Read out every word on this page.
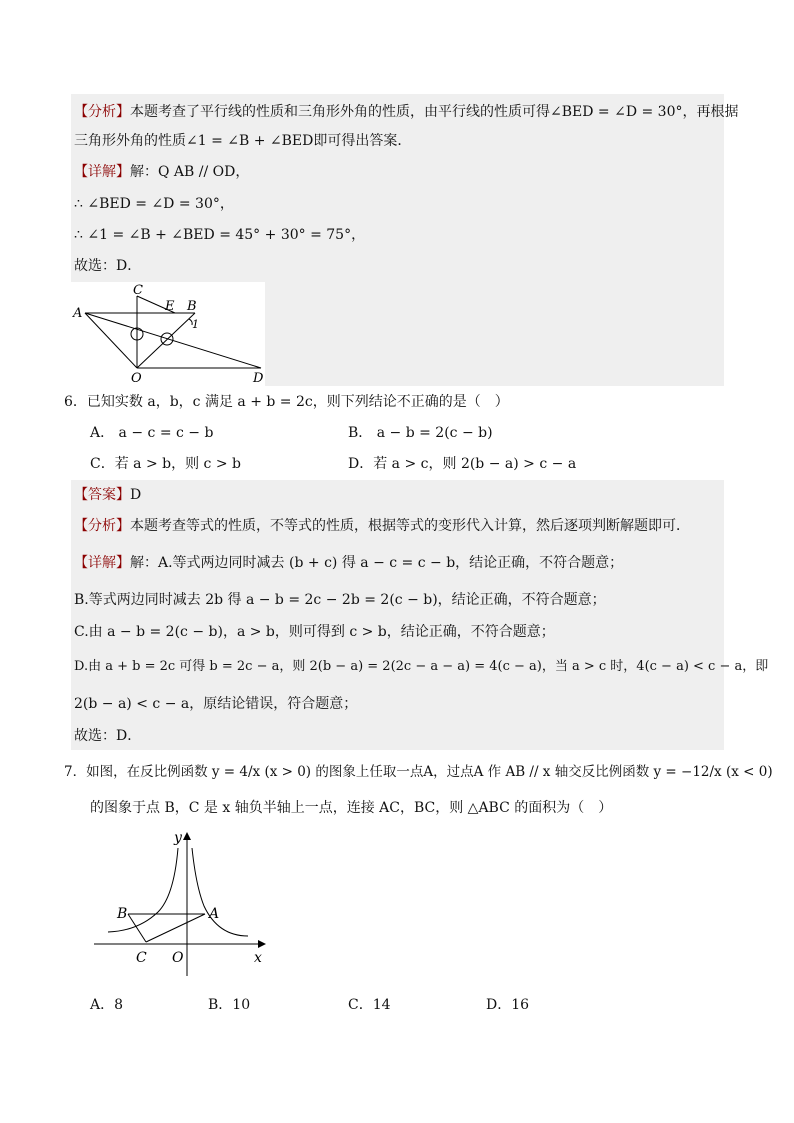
【分析】本题考查了平行线的性质和三角形外角的性质，由平行线的性质可得∠BED = ∠D = 30°，再根据
三角形外角的性质∠1 = ∠B + ∠BED即可得出答案．
【详解】解：Q AB // OD，
∴ ∠BED = ∠D = 30°，
∴ ∠1 = ∠B + ∠BED = 45° + 30° = 75°，
故选：D．
A
C
E B
1
O	D
6．已知实数 a，b，c 满足 a + b = 2c，则下列结论不正确的是（　）
A． a − c = c − b	B． a − b = 2(c − b)
C．若 a > b，则 c > b	D．若 a > c，则 2(b − a) > c − a
【答案】D
【分析】本题考查等式的性质，不等式的性质，根据等式的变形代入计算，然后逐项判断解题即可．
【详解】解：A.等式两边同时减去 (b + c) 得 a − c = c − b，结论正确，不符合题意；
B.等式两边同时减去 2b 得 a − b = 2c − 2b = 2(c − b)，结论正确，不符合题意；
C.由 a − b = 2(c − b)，a > b，则可得到 c > b，结论正确，不符合题意；
D.由 a + b = 2c 可得 b = 2c − a，则 2(b − a) = 2(2c − a − a) = 4(c − a)，当 a > c 时，4(c − a) < c − a，即
2(b − a) < c − a，原结论错误，符合题意；
故选：D．
7．如图，在反比例函数 y = 4/x (x > 0) 的图象上任取一点A，过点A 作 AB // x 轴交反比例函数 y = −12/x (x < 0)
的图象于点 B，C 是 x 轴负半轴上一点，连接 AC，BC，则 △ABC 的面积为（　）
y
x
B	A
C O
A．8	B．10	C．14	D．16
